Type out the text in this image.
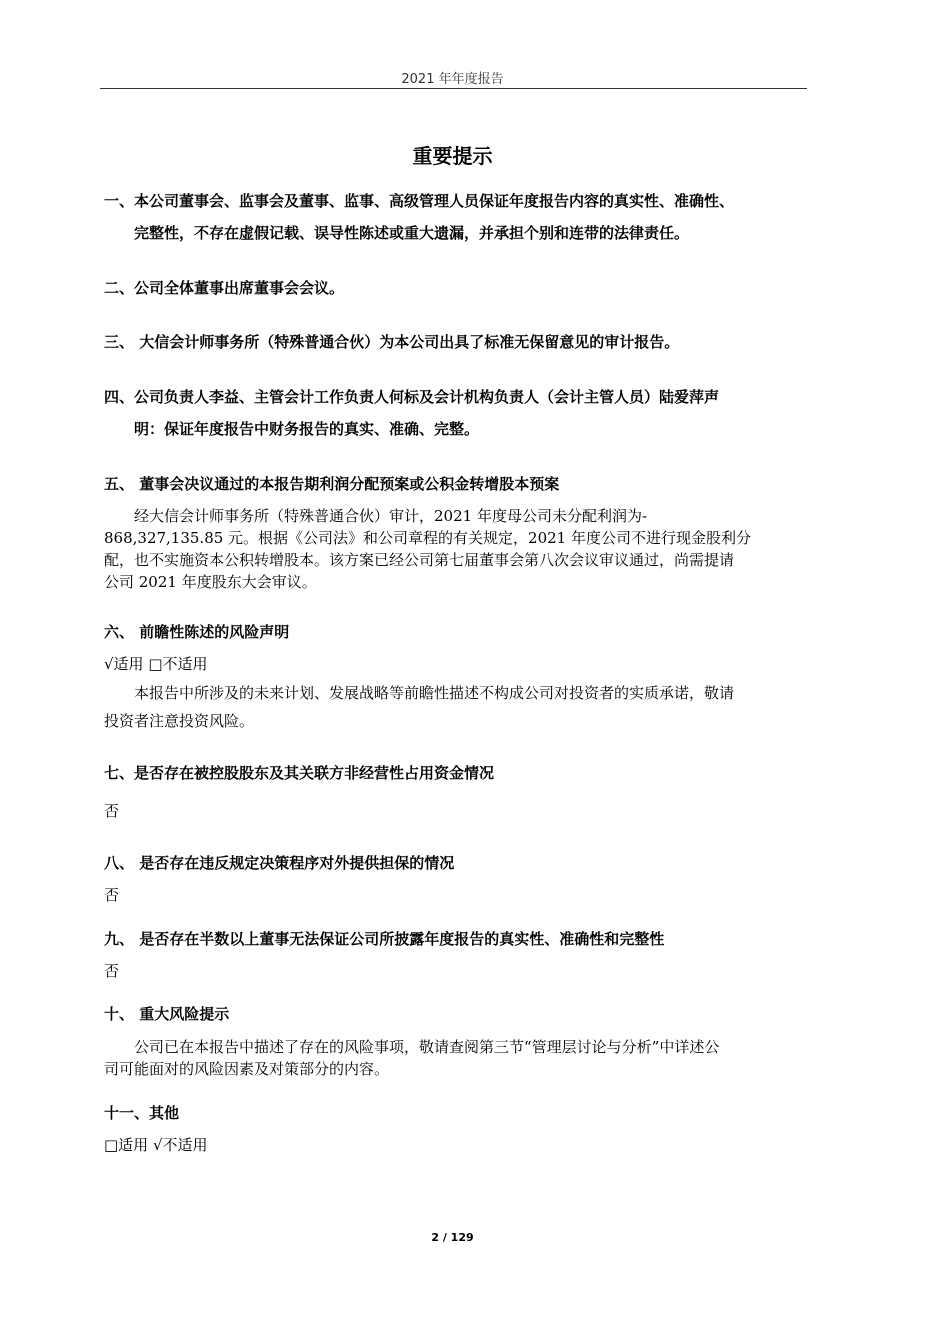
2021 年年度报告
重要提示
一、本公司董事会、监事会及董事、监事、高级管理人员保证年度报告内容的真实性、准确性、
完整性，不存在虚假记载、误导性陈述或重大遗漏，并承担个别和连带的法律责任。
二、公司全体董事出席董事会会议。
三、 大信会计师事务所（特殊普通合伙）为本公司出具了标准无保留意见的审计报告。
四、公司负责人李益、主管会计工作负责人何标及会计机构负责人（会计主管人员）陆爱萍声
明：保证年度报告中财务报告的真实、准确、完整。
五、 董事会决议通过的本报告期利润分配预案或公积金转增股本预案
经大信会计师事务所（特殊普通合伙）审计，2021 年度母公司未分配利润为-
868,327,135.85 元。根据《公司法》和公司章程的有关规定，2021 年度公司不进行现金股利分
配，也不实施资本公积转增股本。该方案已经公司第七届董事会第八次会议审议通过，尚需提请
公司 2021 年度股东大会审议。
六、 前瞻性陈述的风险声明
√适用 □不适用
本报告中所涉及的未来计划、发展战略等前瞻性描述不构成公司对投资者的实质承诺，敬请
投资者注意投资风险。
七、是否存在被控股股东及其关联方非经营性占用资金情况
否
八、 是否存在违反规定决策程序对外提供担保的情况
否
九、 是否存在半数以上董事无法保证公司所披露年度报告的真实性、准确性和完整性
否
十、 重大风险提示
公司已在本报告中描述了存在的风险事项，敬请查阅第三节“管理层讨论与分析”中详述公
司可能面对的风险因素及对策部分的内容。
十一、其他
□适用 √不适用
2 / 129
